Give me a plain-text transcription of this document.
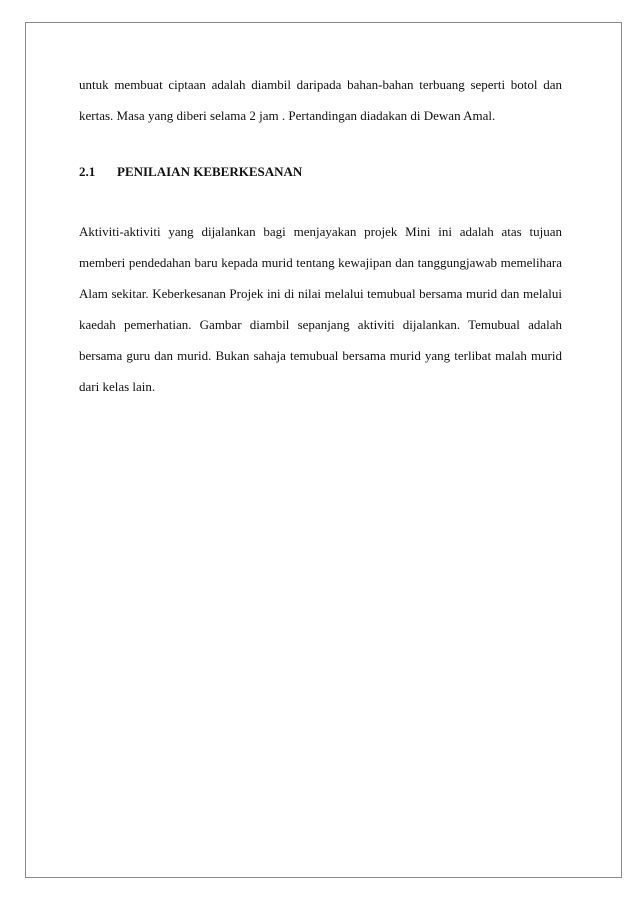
untuk membuat ciptaan adalah diambil daripada bahan-bahan terbuang seperti botol dan kertas. Masa yang diberi selama 2 jam . Pertandingan diadakan di Dewan Amal.

2.1 PENILAIAN KEBERKESANAN

Aktiviti-aktiviti yang dijalankan bagi menjayakan projek Mini ini adalah atas tujuan memberi pendedahan baru kepada murid tentang kewajipan dan tanggungjawab memelihara Alam sekitar. Keberkesanan Projek ini di nilai melalui temubual bersama murid dan melalui kaedah pemerhatian. Gambar diambil sepanjang aktiviti dijalankan. Temubual adalah bersama guru dan murid. Bukan sahaja temubual bersama murid yang terlibat malah murid dari kelas lain.
